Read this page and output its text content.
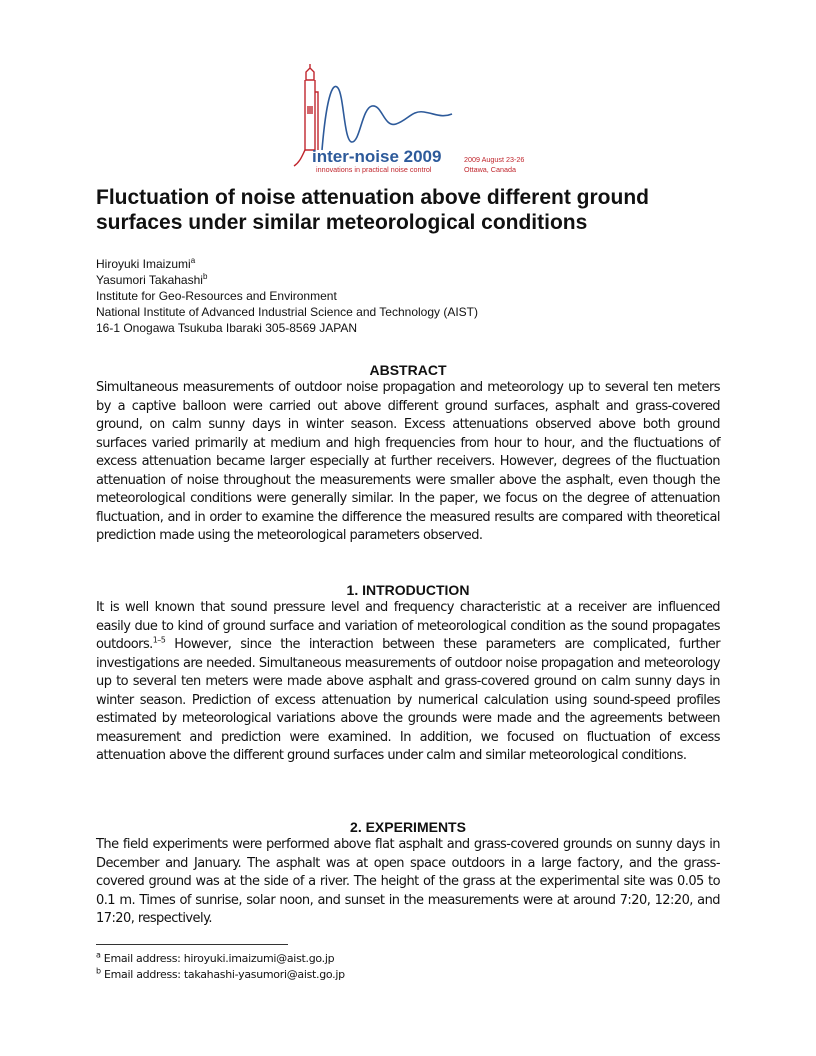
inter-noise 2009
innovations in practical noise control
2009 August 23-26
Ottawa, Canada
Fluctuation of noise attenuation above different ground surfaces under similar meteorological conditions
Hiroyuki Imaizumi$^a$
Yasumori Takahashi$^b$
Institute for Geo-Resources and Environment
National Institute of Advanced Industrial Science and Technology (AIST)
16-1 Onogawa Tsukuba Ibaraki 305-8569 JAPAN
ABSTRACT

Simultaneous measurements of outdoor noise propagation and meteorology up to several ten meters by a captive balloon were carried out above different ground surfaces, asphalt and grass-covered ground, on calm sunny days in winter season. Excess attenuations observed above both ground surfaces varied primarily at medium and high frequencies from hour to hour, and the fluctuations of excess attenuation became larger especially at further receivers. However, degrees of the fluctuation attenuation of noise throughout the measurements were smaller above the asphalt, even though the meteorological conditions were generally similar. In the paper, we focus on the degree of attenuation fluctuation, and in order to examine the difference the measured results are compared with theoretical prediction made using the meteorological parameters observed.

1. INTRODUCTION

It is well known that sound pressure level and frequency characteristic at a receiver are influenced easily due to kind of ground surface and variation of meteorological condition as the sound propagates outdoors.$^{1-5}$ However, since the interaction between these parameters are complicated, further investigations are needed. Simultaneous measurements of outdoor noise propagation and meteorology up to several ten meters were made above asphalt and grass-covered ground on calm sunny days in winter season. Prediction of excess attenuation by numerical calculation using sound-speed profiles estimated by meteorological variations above the grounds were made and the agreements between measurement and prediction were examined. In addition, we focused on fluctuation of excess attenuation above the different ground surfaces under calm and similar meteorological conditions.

2. EXPERIMENTS

The field experiments were performed above flat asphalt and grass-covered grounds on sunny days in December and January. The asphalt was at open space outdoors in a large factory, and the grass-covered ground was at the side of a river. The height of the grass at the experimental site was 0.05 to 0.1 m. Times of sunrise, solar noon, and sunset in the measurements were at around 7:20, 12:20, and 17:20, respectively.

$^a$ Email address: hiroyuki.imaizumi@aist.go.jp
$^b$ Email address: takahashi-yasumori@aist.go.jp
